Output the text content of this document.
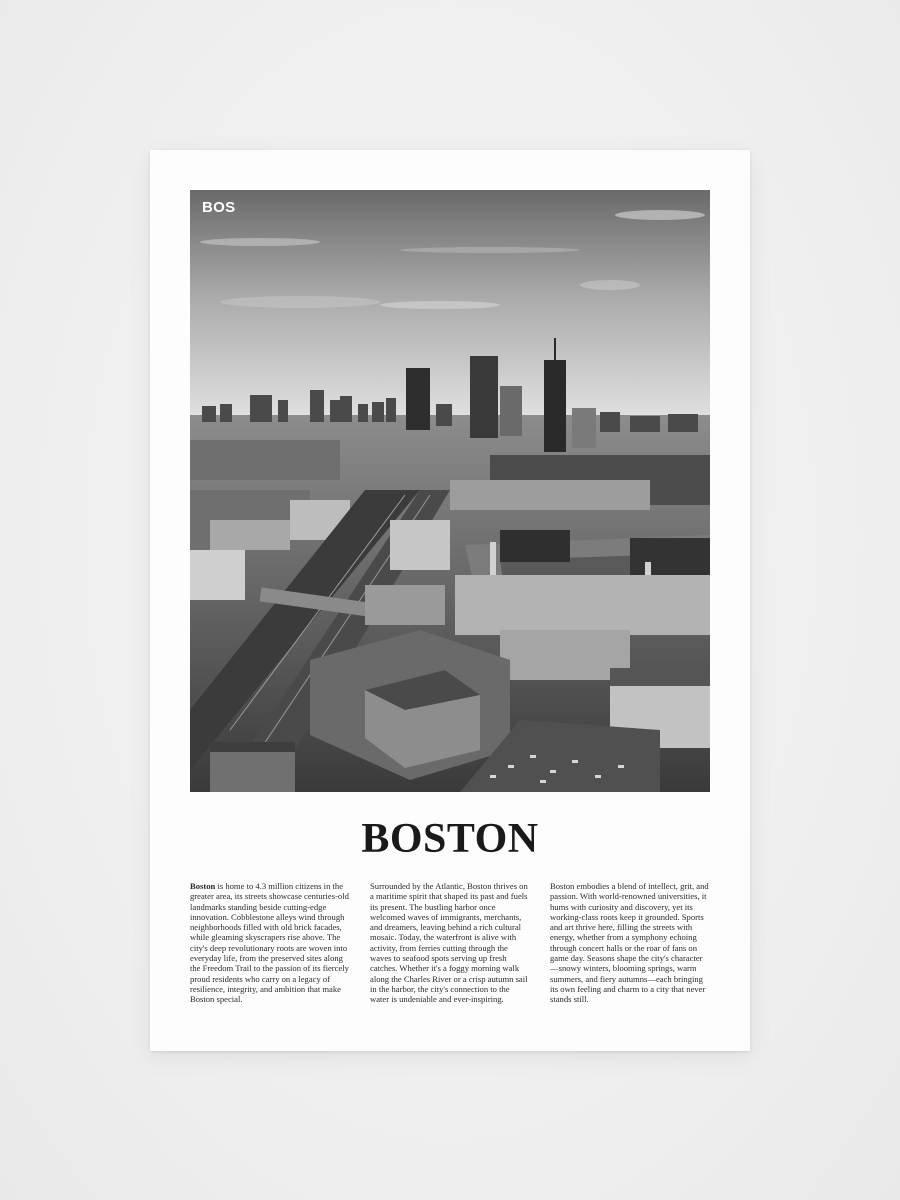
BOS
BOSTON
Boston is home to 4.3 million citizens in the greater area, its streets showcase centuries-old landmarks standing beside cutting-edge innovation. Cobblestone alleys wind through neighborhoods filled with old brick facades, while gleaming skyscrapers rise above. The city's deep revolutionary roots are woven into everyday life, from the preserved sites along the Freedom Trail to the passion of its fiercely proud residents who carry on a legacy of resilience, integrity, and ambition that make Boston special.
Surrounded by the Atlantic, Boston thrives on a maritime spirit that shaped its past and fuels its present. The bustling harbor once welcomed waves of immigrants, merchants, and dreamers, leaving behind a rich cultural mosaic. Today, the waterfront is alive with activity, from ferries cutting through the waves to seafood spots serving up fresh catches. Whether it's a foggy morning walk along the Charles River or a crisp autumn sail in the harbor, the city's connection to the water is undeniable and ever-inspiring.
Boston embodies a blend of intellect, grit, and passion. With world-renowned universities, it hums with curiosity and discovery, yet its working-class roots keep it grounded. Sports and art thrive here, filling the streets with energy, whether from a symphony echoing through concert halls or the roar of fans on game day. Seasons shape the city's character—snowy winters, blooming springs, warm summers, and fiery autumns—each bringing its own feeling and charm to a city that never stands still.
